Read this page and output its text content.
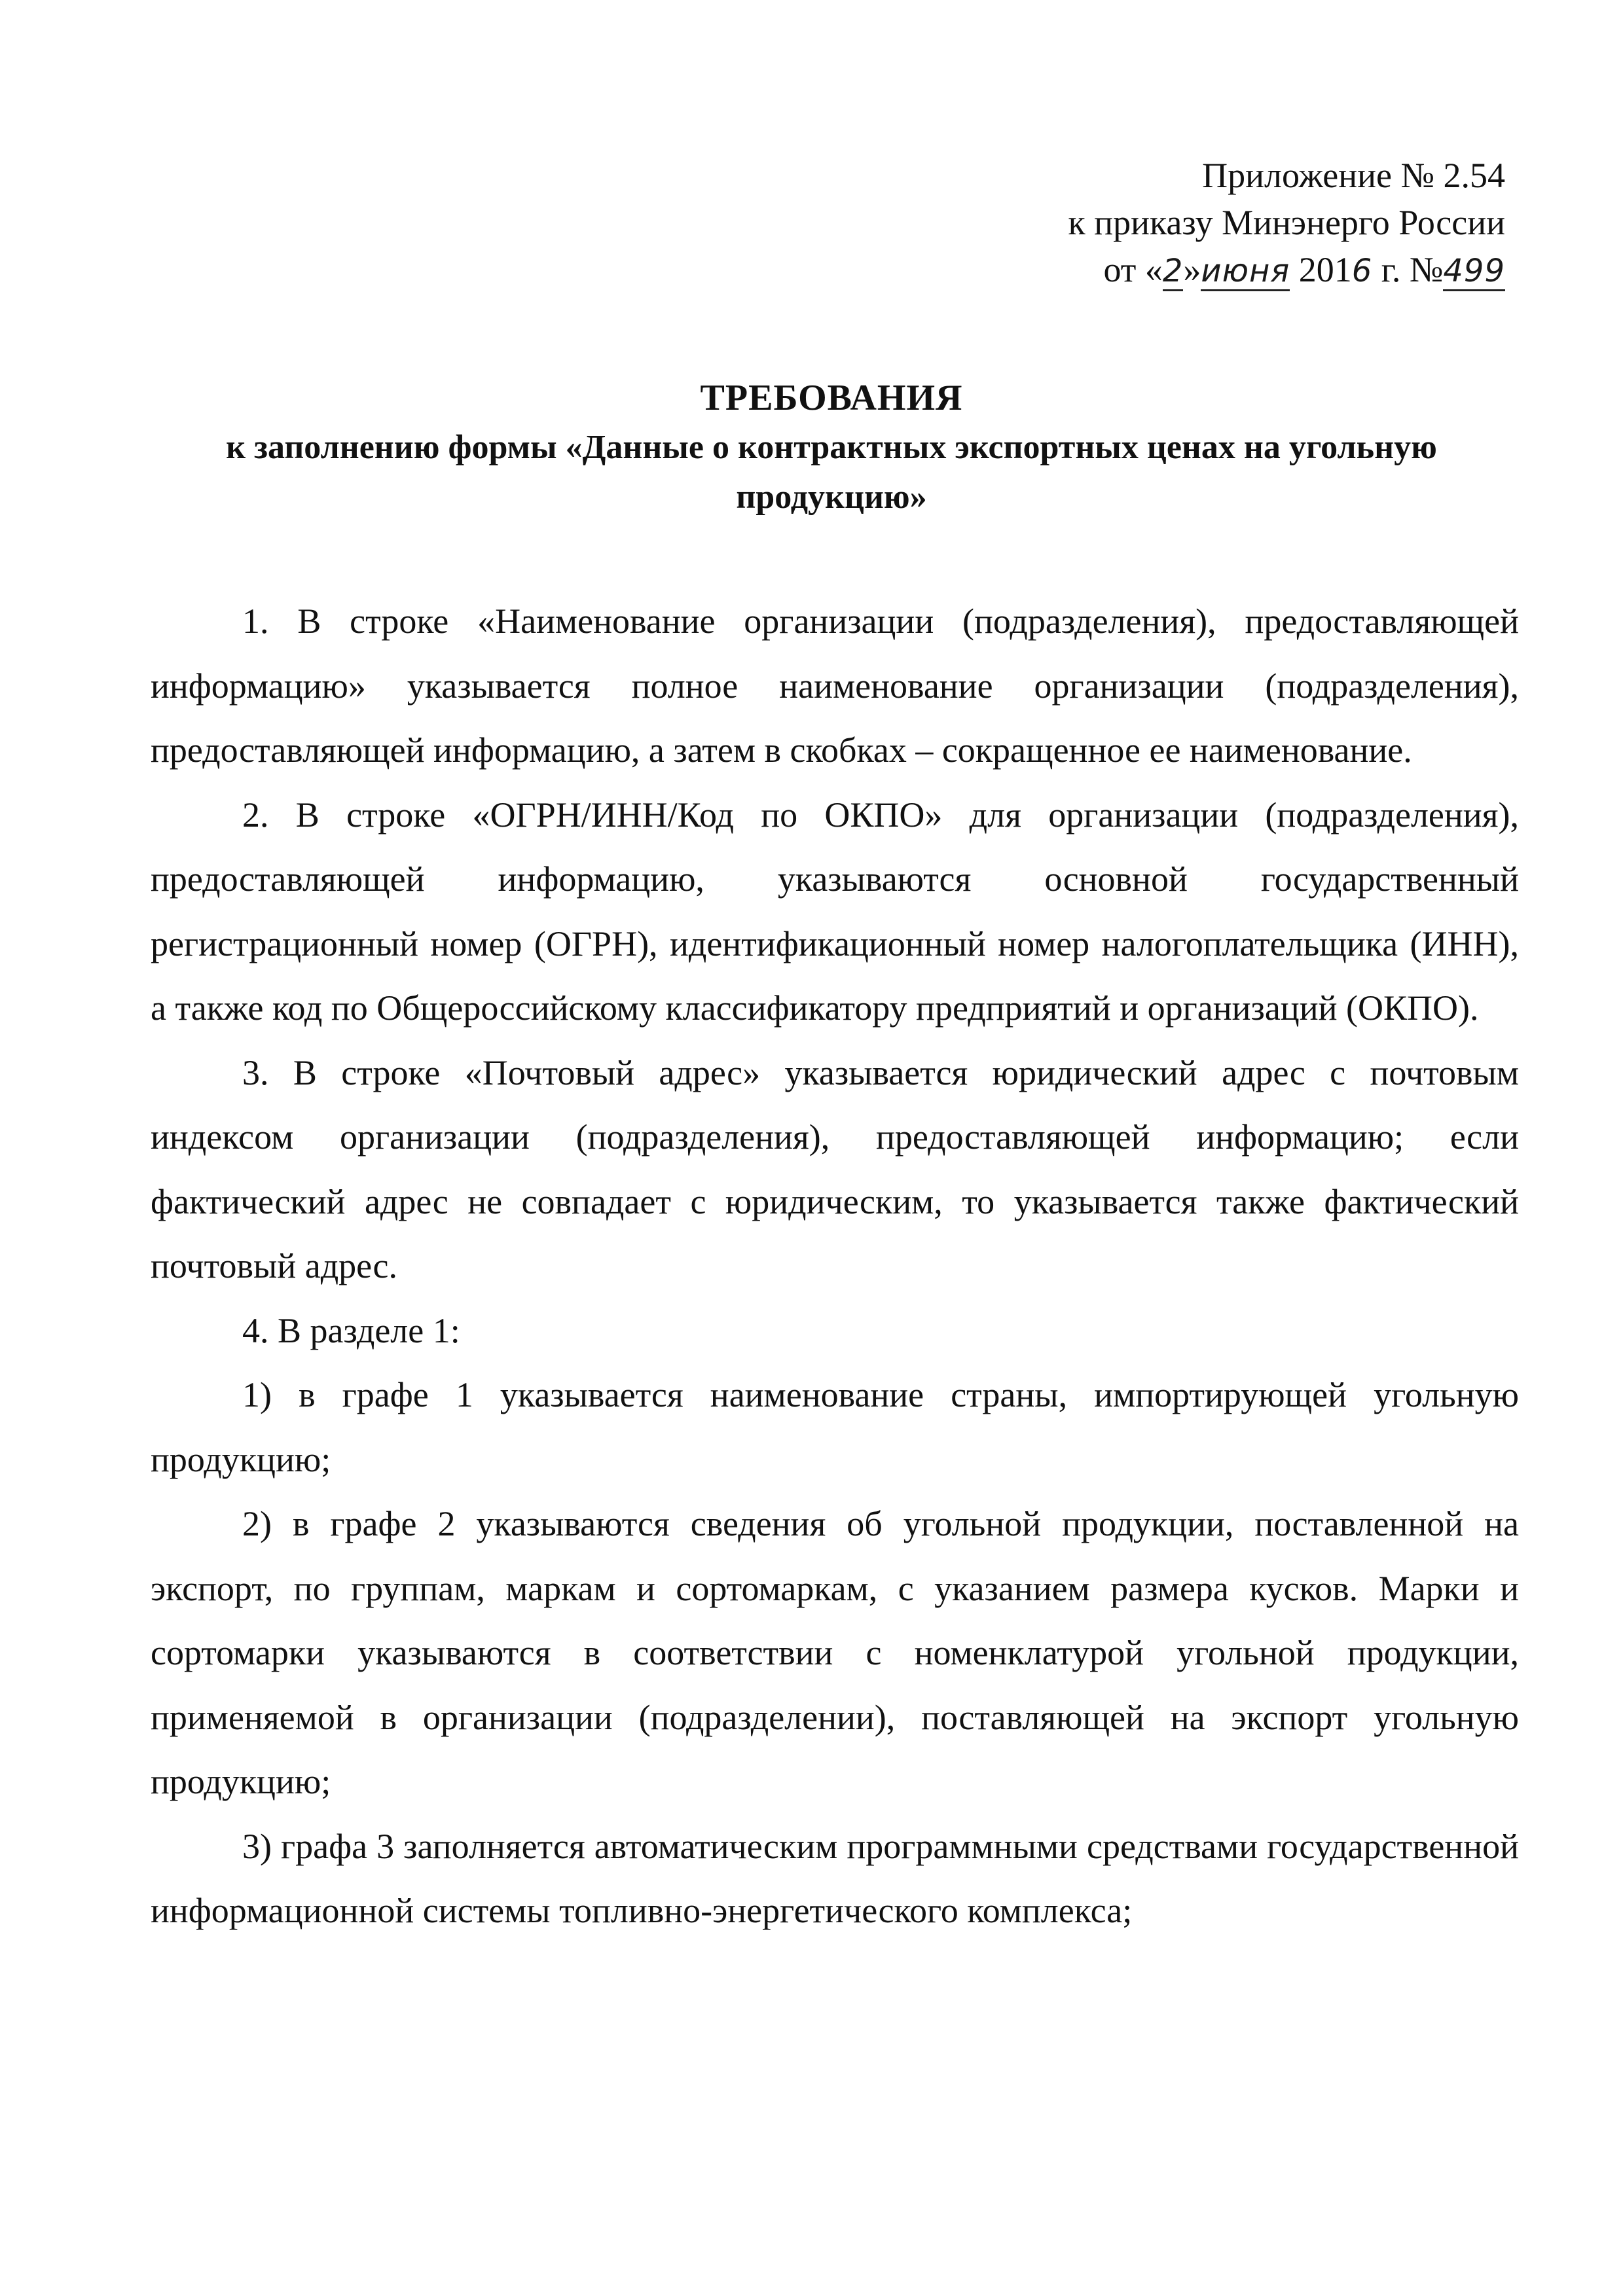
Приложение № 2.54
к приказу Минэнерго России
от «2»июня 2016 г. №499
ТРЕБОВАНИЯ
к заполнению формы «Данные о контрактных экспортных ценах на угольную продукцию»

1. В строке «Наименование организации (подразделения), предоставляющей информацию» указывается полное наименование организации (подразделения), предоставляющей информацию, а затем в скобках – сокращенное ее наименование.

2. В строке «ОГРН/ИНН/Код по ОКПО» для организации (подразделения), предоставляющей информацию, указываются основной государственный регистрационный номер (ОГРН), идентификационный номер налогоплательщика (ИНН), а также код по Общероссийскому классификатору предприятий и организаций (ОКПО).

3. В строке «Почтовый адрес» указывается юридический адрес с почтовым индексом организации (подразделения), предоставляющей информацию; если фактический адрес не совпадает с юридическим, то указывается также фактический почтовый адрес.

4. В разделе 1:

1) в графе 1 указывается наименование страны, импортирующей угольную продукцию;

2) в графе 2 указываются сведения об угольной продукции, поставленной на экспорт, по группам, маркам и сортомаркам, с указанием размера кусков. Марки и сортомарки указываются в соответствии с номенклатурой угольной продукции, применяемой в организации (подразделении), поставляющей на экспорт угольную продукцию;

3) графа 3 заполняется автоматическим программными средствами государственной информационной системы топливно-энергетического комплекса;
